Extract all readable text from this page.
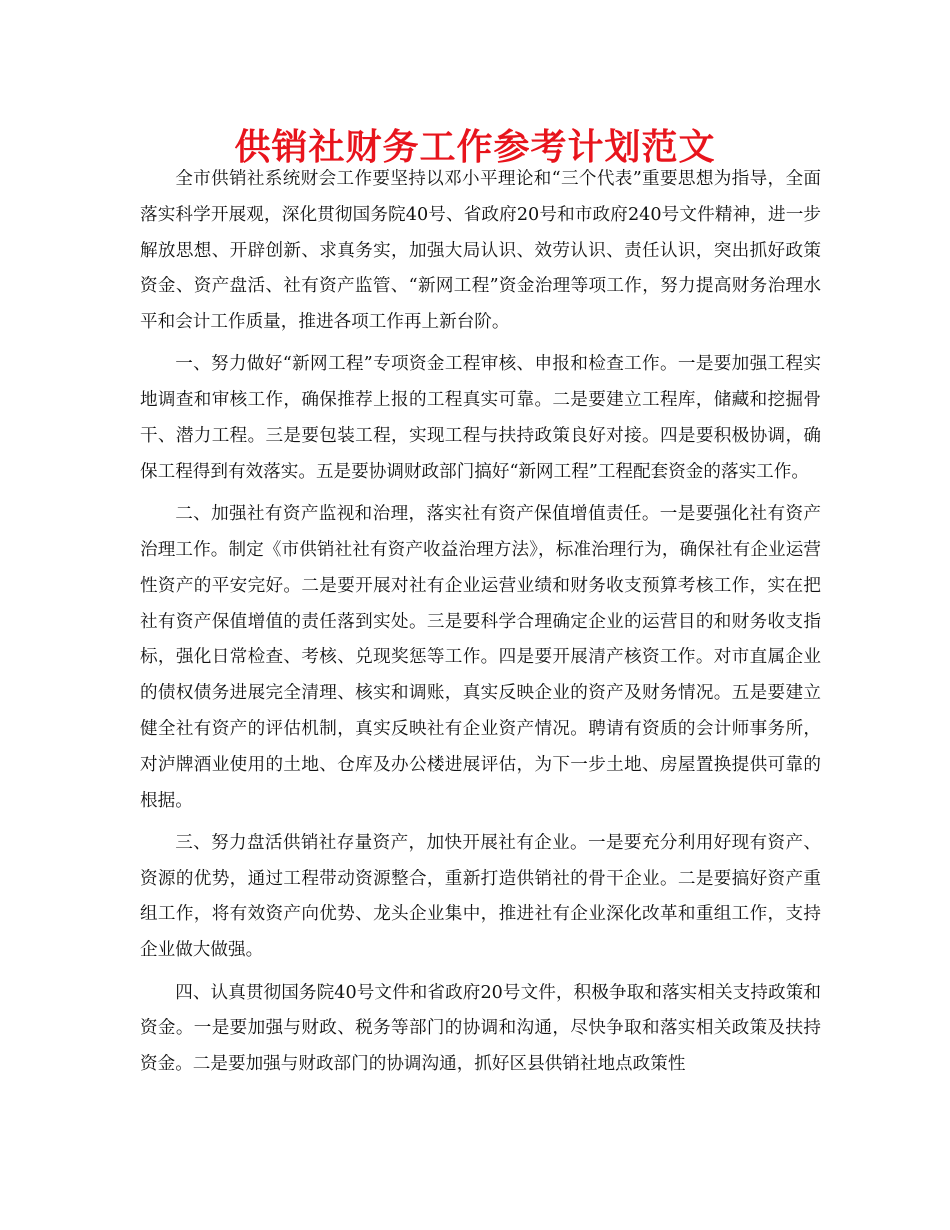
供销社财务工作参考计划范文

全市供销社系统财会工作要坚持以邓小平理论和“三个代表”重要思想为指导，全面落实科学开展观，深化贯彻国务院40号、省政府20号和市政府240号文件精神，进一步解放思想、开辟创新、求真务实，加强大局认识、效劳认识、责任认识，突出抓好政策资金、资产盘活、社有资产监管、“新网工程”资金治理等项工作，努力提高财务治理水平和会计工作质量，推进各项工作再上新台阶。

一、努力做好“新网工程”专项资金工程审核、申报和检查工作。一是要加强工程实地调查和审核工作，确保推荐上报的工程真实可靠。二是要建立工程库，储藏和挖掘骨干、潜力工程。三是要包装工程，实现工程与扶持政策良好对接。四是要积极协调，确保工程得到有效落实。五是要协调财政部门搞好“新网工程”工程配套资金的落实工作。

二、加强社有资产监视和治理，落实社有资产保值增值责任。一是要强化社有资产治理工作。制定《市供销社社有资产收益治理方法》，标准治理行为，确保社有企业运营性资产的平安完好。二是要开展对社有企业运营业绩和财务收支预算考核工作，实在把社有资产保值增值的责任落到实处。三是要科学合理确定企业的运营目的和财务收支指标，强化日常检查、考核、兑现奖惩等工作。四是要开展清产核资工作。对市直属企业的债权债务进展完全清理、核实和调账，真实反映企业的资产及财务情况。五是要建立健全社有资产的评估机制，真实反映社有企业资产情况。聘请有资质的会计师事务所，对泸牌酒业使用的土地、仓库及办公楼进展评估，为下一步土地、房屋置换提供可靠的根据。

三、努力盘活供销社存量资产，加快开展社有企业。一是要充分利用好现有资产、资源的优势，通过工程带动资源整合，重新打造供销社的骨干企业。二是要搞好资产重组工作，将有效资产向优势、龙头企业集中，推进社有企业深化改革和重组工作，支持企业做大做强。

四、认真贯彻国务院40号文件和省政府20号文件，积极争取和落实相关支持政策和资金。一是要加强与财政、税务等部门的协调和沟通，尽快争取和落实相关政策及扶持资金。二是要加强与财政部门的协调沟通，抓好区县供销社地点政策性
